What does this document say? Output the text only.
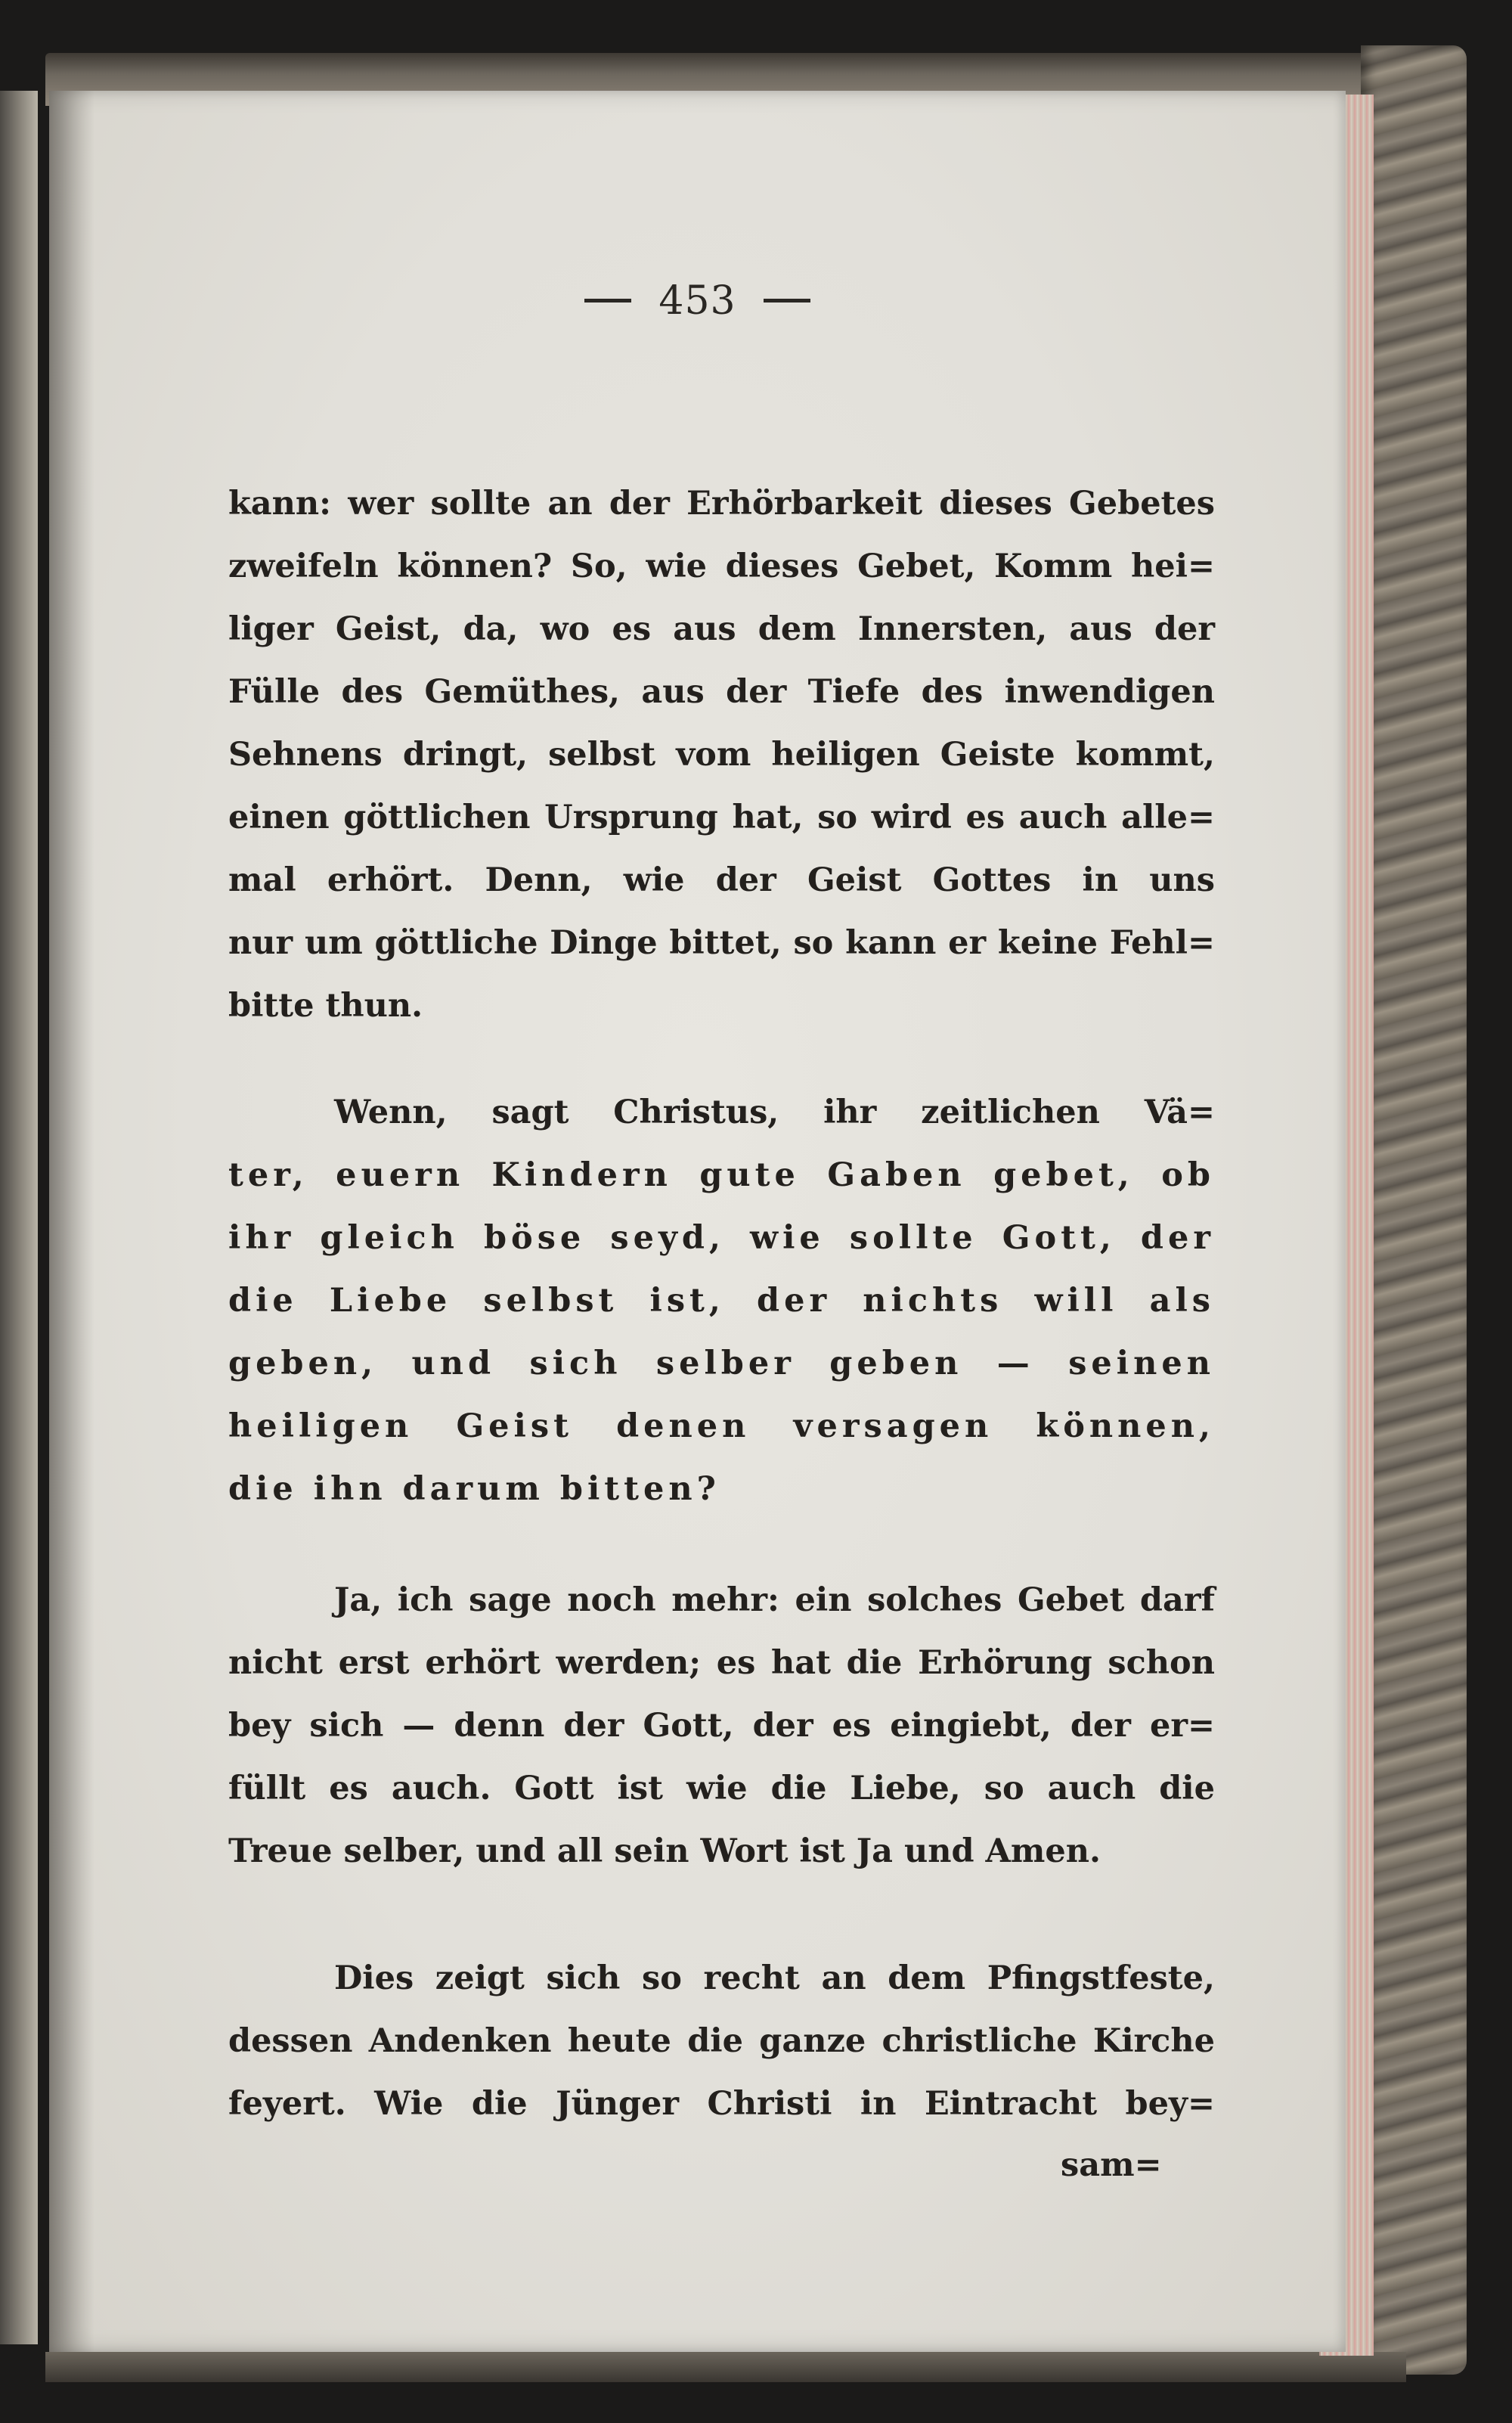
453
kann: wer sollte an der Erhörbarkeit dieses Gebetes
zweifeln können? So, wie dieses Gebet, Komm hei=
liger Geist, da, wo es aus dem Innersten, aus der
Fülle des Gemüthes, aus der Tiefe des inwendigen
Sehnens dringt, selbst vom heiligen Geiste kommt,
einen göttlichen Ursprung hat, so wird es auch alle=
mal erhört. Denn, wie der Geist Gottes in uns
nur um göttliche Dinge bittet, so kann er keine Fehl=
bitte thun.
Wenn, sagt Christus, ihr zeitlichen Vä=
ter, euern Kindern gute Gaben gebet, ob
ihr gleich böse seyd, wie sollte Gott, der
die Liebe selbst ist, der nichts will als
geben, und sich selber geben — seinen
heiligen Geist denen versagen können,
die ihn darum bitten?
Ja, ich sage noch mehr: ein solches Gebet darf
nicht erst erhört werden; es hat die Erhörung schon
bey sich — denn der Gott, der es eingiebt, der er=
füllt es auch. Gott ist wie die Liebe, so auch die
Treue selber, und all sein Wort ist Ja und Amen.
Dies zeigt sich so recht an dem Pfingstfeste,
dessen Andenken heute die ganze christliche Kirche
feyert. Wie die Jünger Christi in Eintracht bey=
sam=
